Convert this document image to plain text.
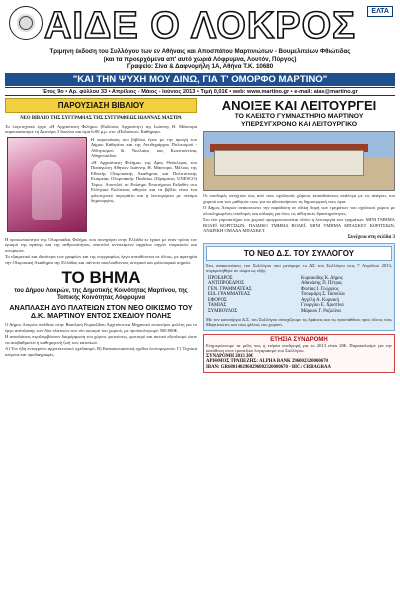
ΑΙΔΕ Ο ΛΟΚΡΟΣ	ΕΛΤΑ
Τριμηνη έκδοση του Συλλόγου των εν Αθήναις και Αποσπάτου Μαρτινιώτων - Βουμελιτείων Φθιώτιδας
(και τα προερχόμενα απ' αυτό χωριά Λόφρυμνα, Λουτόν, Πύργος)
Γραφείο: Σίνα & Δαφνομήλη 1Α, Αθήνα Τ.Κ. 10680
"ΚΑΙ ΤΗΝ ΨΥΧΗ ΜΟΥ ΔΙΝΩ, ΓΙΑ Τ' ΟΜΟΡΦΟ ΜΑΡΤΙΝΟ"
Έτος 9ο • Αρ. φύλλου 33 • Απρίλιος - Μάιος - Ιούνιος 2013 • Τιμή 0,01€ • web: www.martino.gr • e-mail: aias@martino.gr
ΠΑΡΟΥΣΙΑΣΗ ΒΙΒΛΙΟΥ
ΝΕΟ ΒΙΒΛΙΟ ΤΗΣ ΣΥΓΓΡΑΦΙΑΣ ΤΗΣ ΣΥΓΓΡΑΦΕΩΣ ΙΩΑΝΝΑΣ ΜΑΣΤΡΑ
Το λογοτεχνικό έργο «Η Αρχαιότατη Φιλήμα» (Εκδόσεις Αρχαιότητ) της Ιωάννης Η. Μάστορα παρουσιάστηκε τη Δευτέρα 3 Ιουνίου και ώρα 6:00 μ.μ. στο «Παλιάτσο» Καθήμερο.
Η παρουσίαση του βιβλίου έγινε με την αρωγή του Δήμου Καθερέου και της Αντιδημάρχου Πολιτισμού - Αθλητισμού & Νεολαίας κας Κωνσταντίνας Αθηρουσίδου.
«Η Αρχαιότατη Φιλήμα» της Δρος Θεόκλεμας του Παναγιώτη Αθηνών Ιωάννης Η. Μάστορα, Μέλους της Εθνικής Ολυμπιακής Ακαδημίας και Πολιτιστικής Εταιρείας Ολυμπιακής Παιδείας (Ιδρύματος UNESCO) Τόμος. Αποτελεί το Επίσημο Επιστήμονα Εκδοθέν στο Ελληνικό Εκλύεταις αθηνών και τα βιβλίο είναι ένα φιλοτεχνικό πορτραίτο και η λεπτομέρεια με πνεύμα δημιουργίας.
Η προσωπικότητα της Ολυμπιάδας Φιλήμα, που συνηγόρει στην Ελλάδα κι έχασε με έναν τρόπο τον ορισμό της αγάπης και της ανθρωπότητας, αποτελεί αντικείμενο αρχαίων πηγών τουρκικών και ιστορικών.
Το εξαιρετικό και ιδιαίτερα των γραφέων και της συγγραφέως έργο απευθύνεται σε όλους, με αφετηρία την Ολυμπιακή Ακαδημία της Ελλάδας και πάντοτε ακολουθώντας ιστορικά και φιλοσοφικά σημεία.
ΤΟ ΒΗΜΑ
του Δήμου Λοκρών, της Δημοτικής Κοινότητας Μαρτίνου, της Τοπικής Κοινότητας Λόφρυμνα
ΑΝΑΠΛΑΣΗ ΔΥΟ ΠΛΑΤΕΙΩΝ ΣΤΟΝ ΝΕΟ ΟΙΚΙΣΜΟ ΤΟΥ Δ.Κ. ΜΑΡΤΙΝΟΥ ΕΝΤΟΣ ΣΧΕΔΙΟΥ ΠΟΛΗΣ
Ο Δήμος Λοκρών ανέθεσε στην Βασιλική Κυριαζίδου Αρχιτέκτονα Μηχανικό εκπονήσει μελέτη για το έργο ανάπλασης των δύο πλατειών στο νέο οικισμό του χωριού, με προϋπολογισμό 500.000€.
Η αναπλάσεις περιλαμβάνουν διαμόρφωση του χώρου, φυτεύσεις, φωτισμό και αστικό εξοπλισμό ώστε να αναβαθμιστεί η καθημερινή ζωή των κατοίκων.
Α) Τον ήδη ενταγμένο αρχιτεκτονικό σχεδιασμό, Β) Κατασκευαστική σχέδια λεπτομερειών, Γ) Τεχνικά κείμενα και προδιαγραφές.
ΑΝΟΙΞΕ ΚΑΙ ΛΕΙΤΟΥΡΓΕΙ
ΤΟ ΚΛΕΙΣΤΟ ΓΥΜΝΑΣΤΗΡΙΟ ΜΑΡΤΙΝΟΥ
ΥΠΕΡΣΥΓΧΡΟΝΟ ΚΑΙ ΛΕΙΤΟΥΡΓΙΚΟ
Οι υποδομές ανοιχτών έως από τους σχολικούς χώρους εκπαιδεύσεως ανάλογα με τις ανάγκες του χωριού και των μαθητών τους για να αξιοποιήσουν τη δημιουργική τους ώρα.
Ο Δήμος Λοκρών ανακοινώνει την παράδοση σε οδική δομή των τμημάτων του σχολικού χώρου με ολοκληρωμένες υποδομές και κάλυψη για όλες τις αθλητικές δραστηριότητες.
Στο νέο γυμναστήριο του χωριού πραγματοποιείται πλέον η λειτουργία των τμημάτων: ΜΙΝΙ ΤΜΗΜΑ ΒΟΛΕΪ ΚΟΡΙΤΣΙΩΝ, ΠΑΙΔΙΚΟ ΤΜΗΜΑ ΒΟΛΕΪ, ΜΙΝΙ ΤΜΗΜΑ ΜΠΑΣΚΕΤ ΚΟΡΙΤΣΙΩΝ, ΑΝΔΡΙΚΗ ΟΜΑΔΑ ΜΠΑΣΚΕΤ.
Συνέχεια στη σελίδα 3
ΤΟ ΝΕΟ Δ.Σ. ΤΟΥ ΣΥΛΛΟΓΟΥ
Στις ανακοινώσεις του Συλλόγου που μετέφερε το ΔΣ του Συλλόγου στις 7 Απριλίου 2013, συγκροτήθηκε σε σώμα ως εξής:
ΠΡΟΕΔΡΟΣ	Κυριακίδης Κ. Δήμος
ΑΝΤΙΠΡΟΕΔΡΟΣ	Αθανάσης Π. Πέτρος
ΓΕΝ. ΓΡΑΜΜΑΤΕΑΣ	Φωτίας Ι. Γεώργιος
ΕΙΔ. ΓΡΑΜΜΑΤΕΑΣ	Τσουμάρη Σ. Τασούλα
ΕΦΟΡΟΣ	Αγγέλη Α. Κυριακή
ΤΑΜΙΑΣ	Γεωργίου Ε. Χριστίνα
ΣΥΜΒΟΥΛΟΣ	Μάρκου Γ. Ροζαλίνα
Με τον καινούργιο Δ.Σ. του Συλλόγου συνεχίζουμε τις δράσεις και τις προσπάθειες προς όλους τους Μαρτινιώτες και τους φίλους του χωριού.
ΕΤΗΣΙΑ ΣΥΝΔΡΟΜΗ
Ενημερώνουμε τα μέλη πως η ετήσια συνδρομή για το 2013 είναι 20€. Παρακαλούμε για την κατάθεση στον τραπεζικό λογαριασμό του Συλλόγου.
ΣΥΝΔΡΟΜΗ 2013 20€
ΑΡΙΘΜΟΣ ΤΡΑΠΕΖΗΣ: ALPHA BANK 296002320000670
IBAN: GR6801402960296002320000670 - BIC: CRBAGRAA
